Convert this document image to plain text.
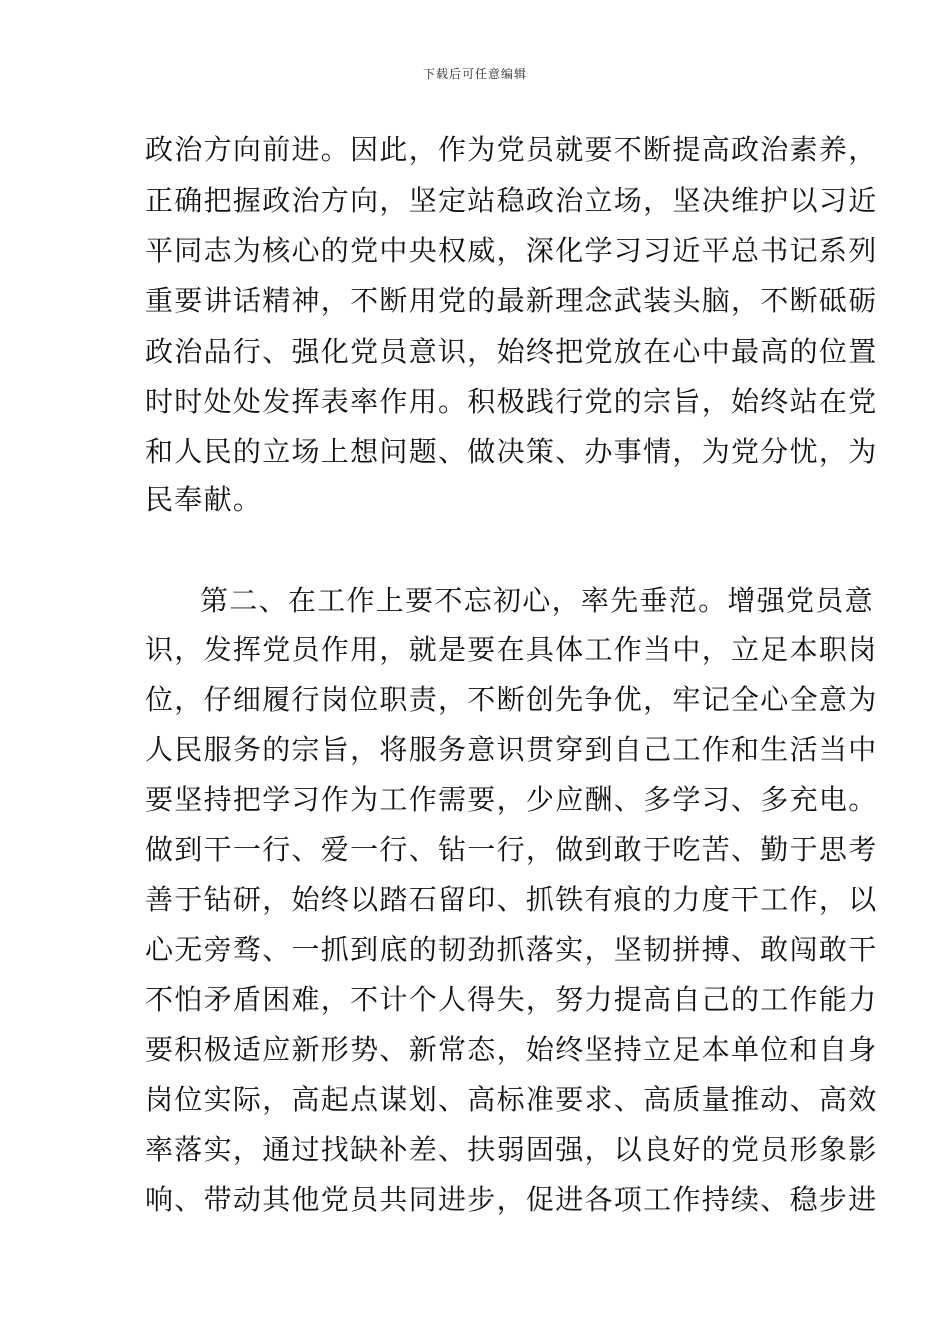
下载后可任意编辑
政治方向前进。因此，作为党员就要不断提高政治素养，
正确把握政治方向，坚定站稳政治立场，坚决维护以习近
平同志为核心的党中央权威，深化学习习近平总书记系列
重要讲话精神，不断用党的最新理念武装头脑，不断砥砺
政治品行、强化党员意识，始终把党放在心中最高的位置
时时处处发挥表率作用。积极践行党的宗旨，始终站在党
和人民的立场上想问题、做决策、办事情，为党分忧，为
民奉献。
第二、在工作上要不忘初心，率先垂范。增强党员意
识，发挥党员作用，就是要在具体工作当中，立足本职岗
位，仔细履行岗位职责，不断创先争优，牢记全心全意为
人民服务的宗旨，将服务意识贯穿到自己工作和生活当中
要坚持把学习作为工作需要，少应酬、多学习、多充电。
做到干一行、爱一行、钻一行，做到敢于吃苦、勤于思考
善于钻研，始终以踏石留印、抓铁有痕的力度干工作，以
心无旁骛、一抓到底的韧劲抓落实，坚韧拼搏、敢闯敢干
不怕矛盾困难，不计个人得失，努力提高自己的工作能力
要积极适应新形势、新常态，始终坚持立足本单位和自身
岗位实际，高起点谋划、高标准要求、高质量推动、高效
率落实，通过找缺补差、扶弱固强，以良好的党员形象影
响、带动其他党员共同进步，促进各项工作持续、稳步进
